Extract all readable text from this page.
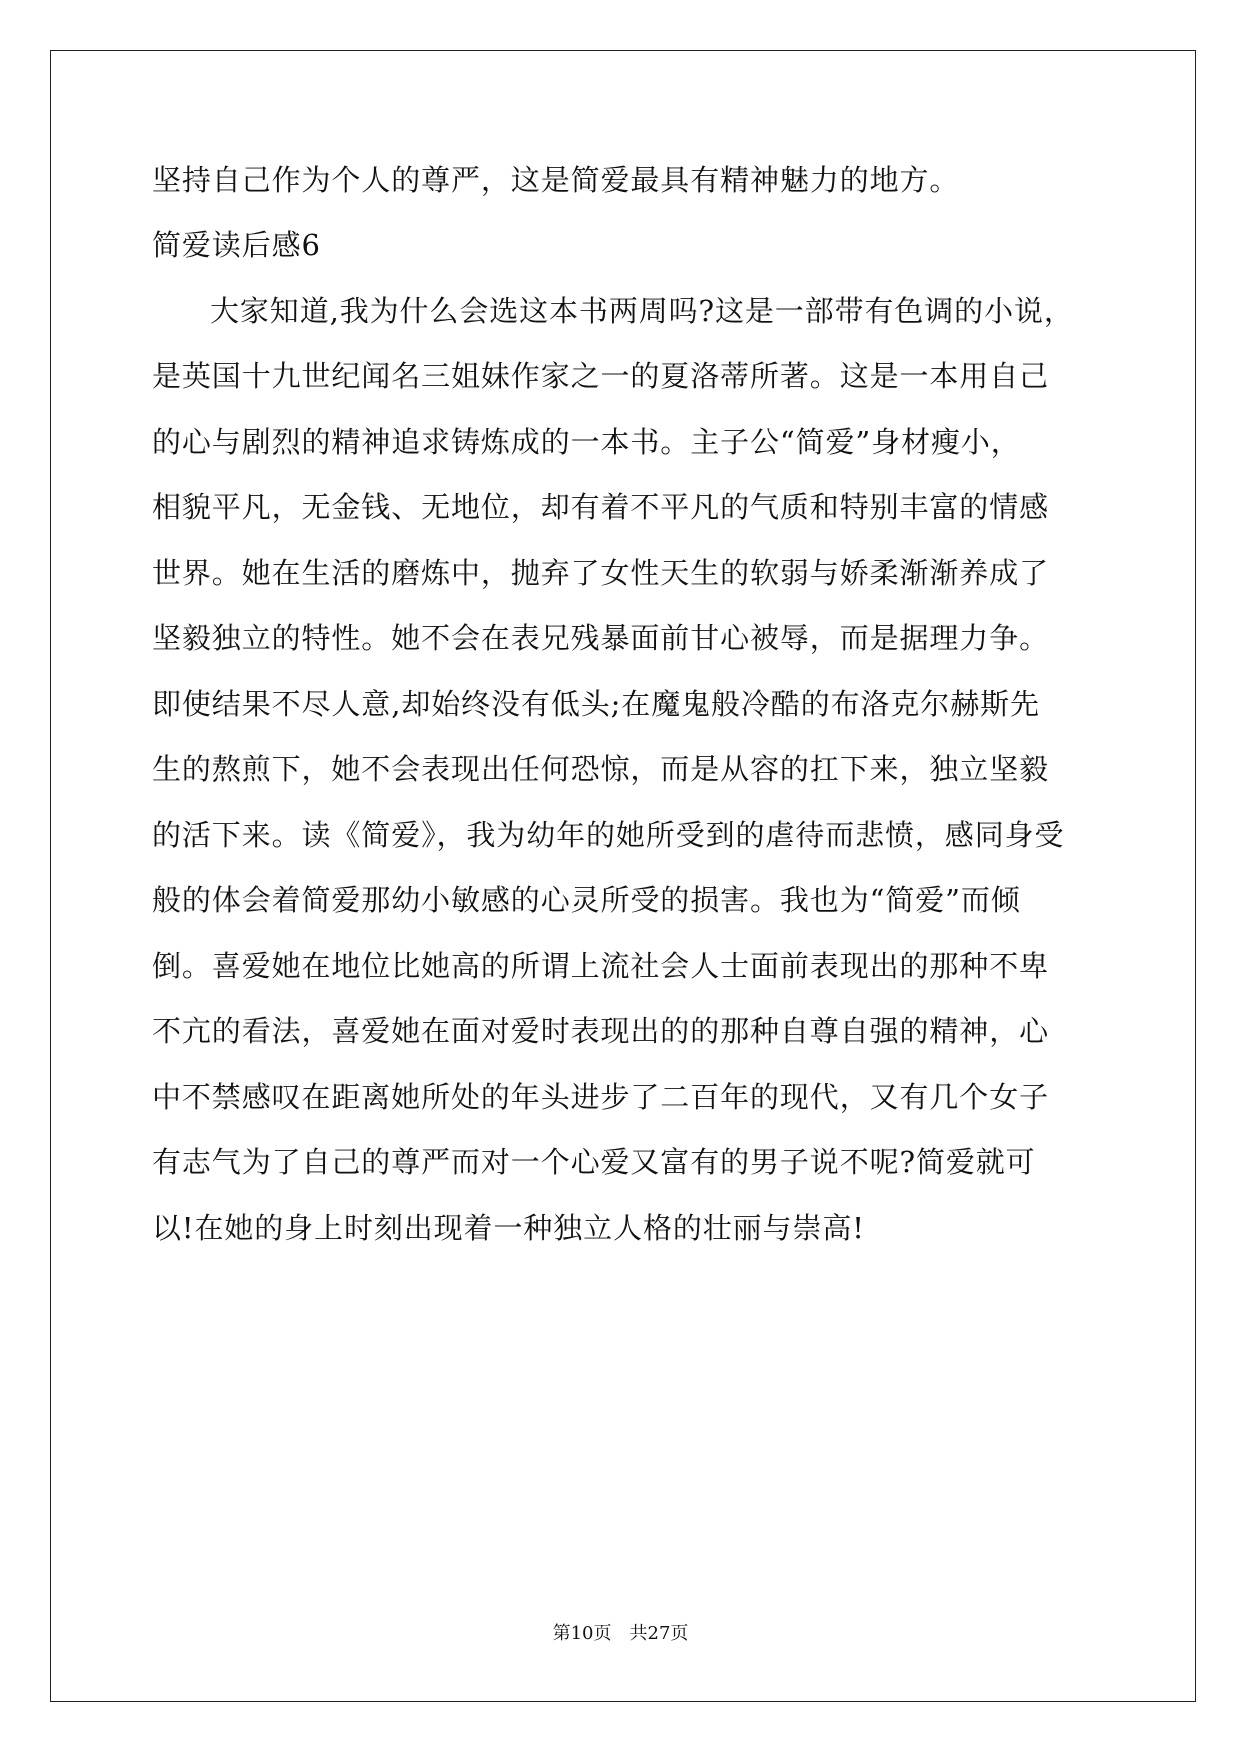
坚持自己作为个人的尊严，这是简爱最具有精神魅力的地方。
简爱读后感6
大家知道,我为什么会选这本书两周吗?这是一部带有色调的小说，
是英国十九世纪闻名三姐妹作家之一的夏洛蒂所著。这是一本用自己
的心与剧烈的精神追求铸炼成的一本书。主子公“简爱”身材瘦小，
相貌平凡，无金钱、无地位，却有着不平凡的气质和特别丰富的情感
世界。她在生活的磨炼中，抛弃了女性天生的软弱与娇柔渐渐养成了
坚毅独立的特性。她不会在表兄残暴面前甘心被辱，而是据理力争。
即使结果不尽人意,却始终没有低头;在魔鬼般冷酷的布洛克尔赫斯先
生的熬煎下，她不会表现出任何恐惊，而是从容的扛下来，独立坚毅
的活下来。读《简爱》，我为幼年的她所受到的虐待而悲愤，感同身受
般的体会着简爱那幼小敏感的心灵所受的损害。我也为“简爱”而倾
倒。喜爱她在地位比她高的所谓上流社会人士面前表现出的那种不卑
不亢的看法，喜爱她在面对爱时表现出的的那种自尊自强的精神，心
中不禁感叹在距离她所处的年头进步了二百年的现代，又有几个女子
有志气为了自己的尊严而对一个心爱又富有的男子说不呢?简爱就可
以!在她的身上时刻出现着一种独立人格的壮丽与崇高!
第10页　共27页
